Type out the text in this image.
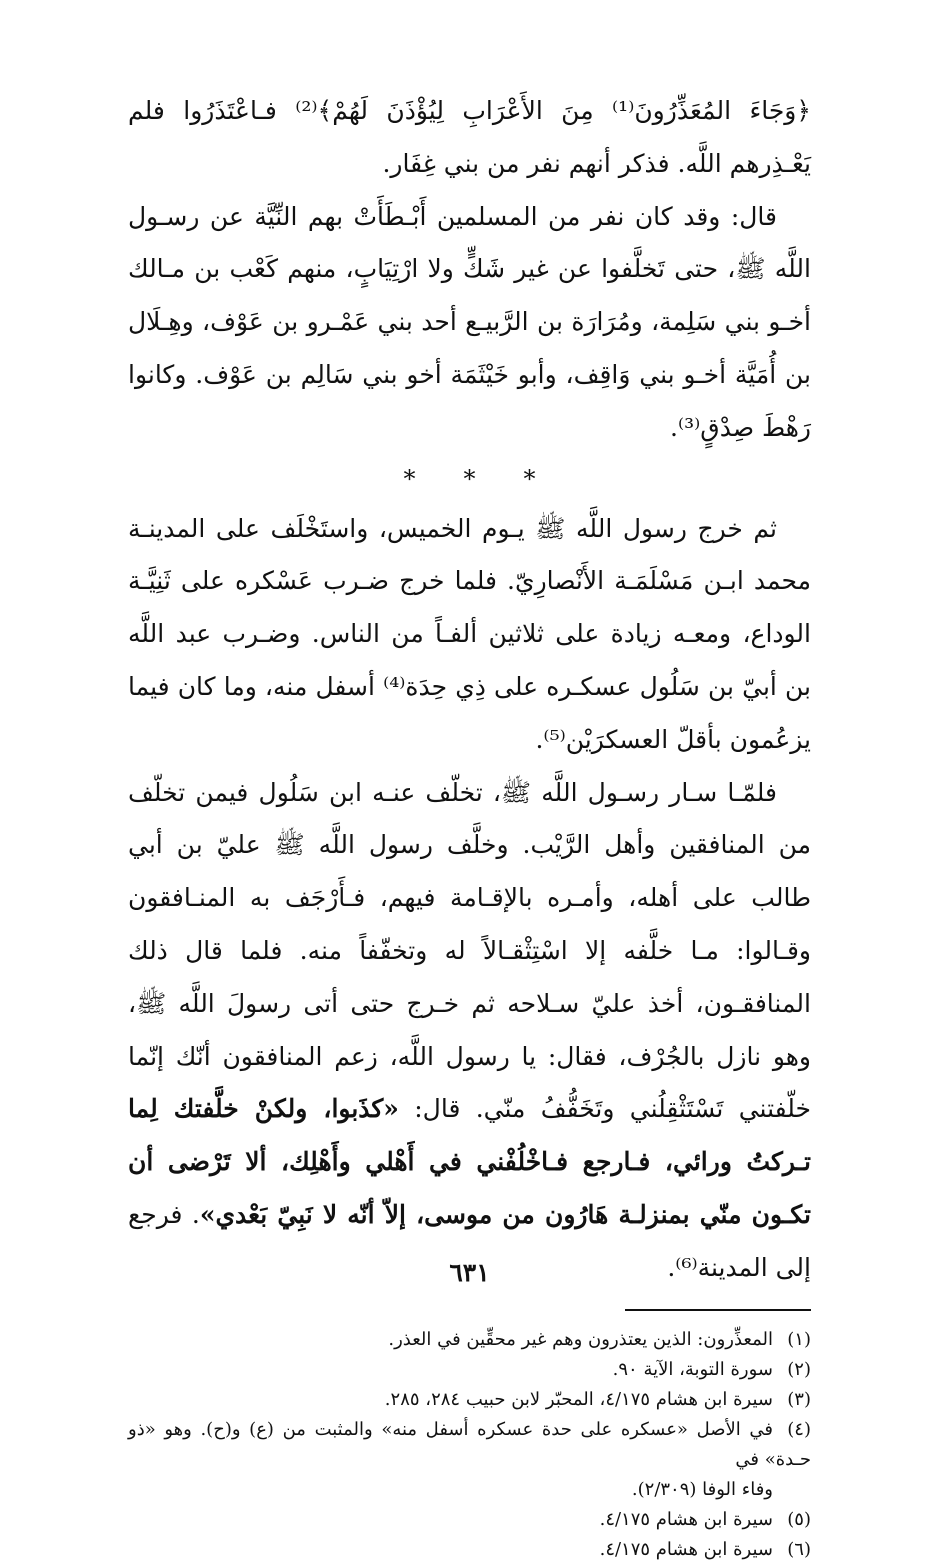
﴿وَجَاءَ المُعَذِّرُونَ⁽¹⁾ مِنَ الأَعْرَابِ لِيُؤْذَنَ لَهُمْ﴾⁽²⁾ فـاعْتَذَرُوا فلم يَعْـذِرهم اللَّه. فذكر أنهم نفر من بني غِفَار.

قال: وقد كان نفر من المسلمين أَبْـطَأَتْ بهم النِّيَّة عن رسـول اللَّه ﷺ، حتى تَخلَّفوا عن غير شَكٍّ ولا ارْتِيَابٍ، منهم كَعْب بن مـالك أخـو بني سَلِمة، ومُرَارَة بن الرَّبيـع أحد بني عَمْـرو بن عَوْف، وهِـلَال بن أُمَيَّة أخـو بني وَاقِف، وأبو خَيْثَمَة أخو بني سَالِم بن عَوْف. وكانوا رَهْطَ صِدْقٍ⁽³⁾.

***

ثم خرج رسول اللَّه ﷺ يـوم الخميس، واستَخْلَف على المدينـة محمد ابـن مَسْلَمَـة الأَنْصارِيّ. فلما خرج ضـرب عَسْكره على ثَنِيَّـة الوداع، ومعـه زيادة على ثلاثين ألفـاً من الناس. وضـرب عبد اللَّه بن أبيّ بن سَلُول عسكـره على ذِي حِدَة⁽⁴⁾ أسفل منه، وما كان فيما يزعُمون بأقلّ العسكرَيْن⁽⁵⁾.

فلمّـا سـار رسـول اللَّه ﷺ، تخلّف عنـه ابن سَلُول فيمن تخلّف من المنافقين وأهل الرَّيْب. وخلَّف رسول اللَّه ﷺ عليّ بن أبي طالب على أهله، وأمـره بالإقـامة فيهم، فـأَرْجَف به المنـافقون وقـالوا: مـا خلَّفه إلا اسْتِثْقـالاً له وتخفّفاً منه. فلما قال ذلك المنافقـون، أخذ عليّ سـلاحه ثم خـرج حتى أتى رسولَ اللَّه ﷺ، وهو نازل بالجُرْف، فقال: يا رسول اللَّه، زعم المنافقون أنّك إنّما خلّفتني تَسْتَثْقِلُني وتَخَفُّفُ منّي. قال: «كذَبوا، ولكنْ خلَّفتك لِما تـركتُ ورائي، فـارجع فـاخْلُفْني في أَهْلي وأَهْلِك، ألا تَرْضى أن تكـون منّي بمنزلـة هَارُون من موسى، إلاّ أنّه لا نَبِيّ بَعْدي». فرجع إلى المدينة⁽⁶⁾.

(١)المعذِّرون: الذين يعتذرون وهم غير محقِّين في العذر.
(٢)سورة التوبة، الآية ٩٠.
(٣)سيرة ابن هشام ٤/١٧٥، المحبّر لابن حبيب ٢٨٤، ٢٨٥.
(٤)في الأصل «عسكره على حدة عسكره أسفل منه» والمثبت من (ع) و(ح). وهو «ذو حـدة» في
وفاء الوفا (٢/٣٠٩).
(٥)سيرة ابن هشام ٤/١٧٥.
(٦)سيرة ابن هشام ٤/١٧٥.
٦٣١
